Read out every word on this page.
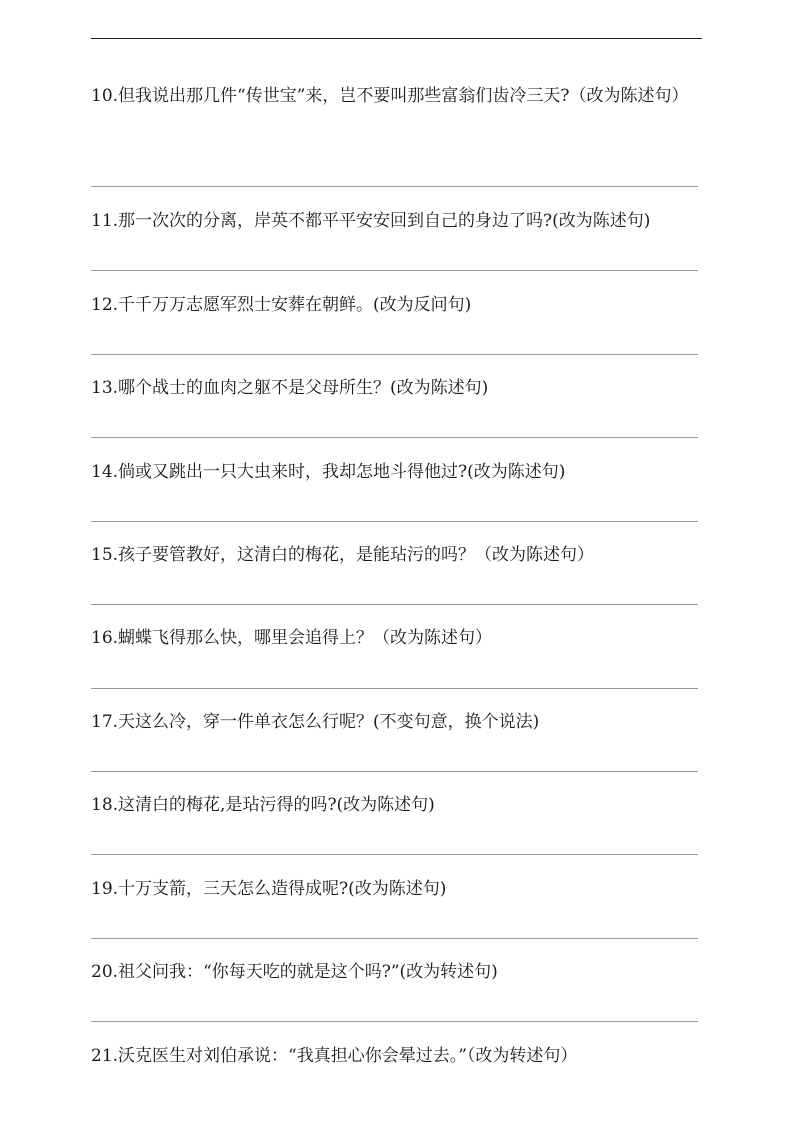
10.但我说出那几件“传世宝”来，岂不要叫那些富翁们齿冷三天?（改为陈述句）
11.那一次次的分离，岸英不都平平安安回到自己的身边了吗?(改为陈述句)
12.千千万万志愿军烈士安葬在朝鲜。(改为反问句)
13.哪个战士的血肉之躯不是父母所生？(改为陈述句)
14.倘或又跳出一只大虫来时，我却怎地斗得他过?(改为陈述句)
15.孩子要管教好，这清白的梅花，是能玷污的吗？（改为陈述句）
16.蝴蝶飞得那么快，哪里会追得上？（改为陈述句）
17.天这么冷，穿一件单衣怎么行呢？(不变句意，换个说法)
18.这清白的梅花,是玷污得的吗?(改为陈述句)
19.十万支箭，三天怎么造得成呢?(改为陈述句)
20.祖父问我：“你每天吃的就是这个吗?”(改为转述句)
21.沃克医生对刘伯承说：“我真担心你会晕过去。”（改为转述句）
